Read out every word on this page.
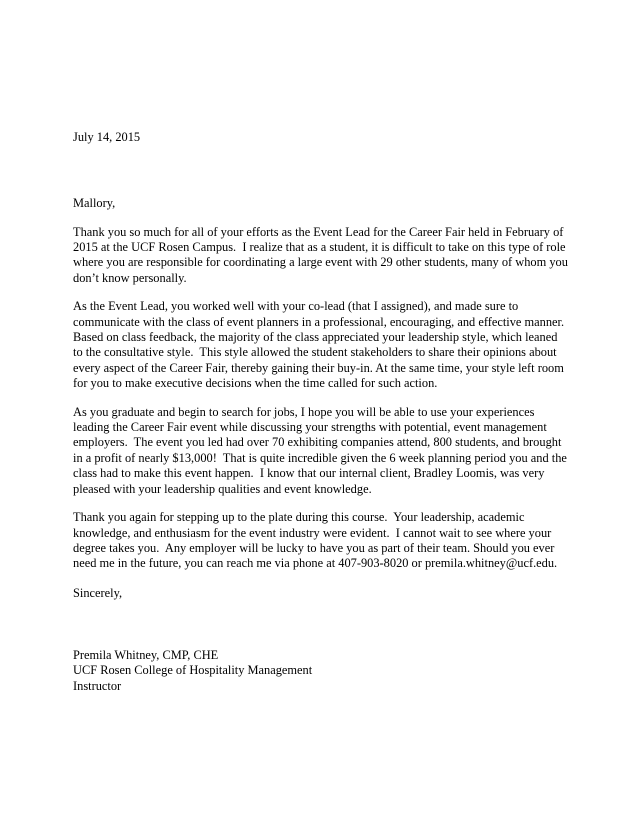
July 14, 2015

Mallory,

Thank you so much for all of your efforts as the Event Lead for the Career Fair held in February of 2015 at the UCF Rosen Campus.  I realize that as a student, it is difficult to take on this type of role where you are responsible for coordinating a large event with 29 other students, many of whom you don’t know personally.

As the Event Lead, you worked well with your co-lead (that I assigned), and made sure to communicate with the class of event planners in a professional, encouraging, and effective manner.  Based on class feedback, the majority of the class appreciated your leadership style, which leaned to the consultative style.  This style allowed the student stakeholders to share their opinions about every aspect of the Career Fair, thereby gaining their buy-in. At the same time, your style left room for you to make executive decisions when the time called for such action.

As you graduate and begin to search for jobs, I hope you will be able to use your experiences leading the Career Fair event while discussing your strengths with potential, event management employers.  The event you led had over 70 exhibiting companies attend, 800 students, and brought in a profit of nearly $13,000!  That is quite incredible given the 6 week planning period you and the class had to make this event happen.  I know that our internal client, Bradley Loomis, was very pleased with your leadership qualities and event knowledge.

Thank you again for stepping up to the plate during this course.  Your leadership, academic knowledge, and enthusiasm for the event industry were evident.  I cannot wait to see where your degree takes you.  Any employer will be lucky to have you as part of their team. Should you ever need me in the future, you can reach me via phone at 407-903-8020 or premila.whitney@ucf.edu.

Sincerely,

Premila Whitney, CMP, CHE

UCF Rosen College of Hospitality Management

Instructor
